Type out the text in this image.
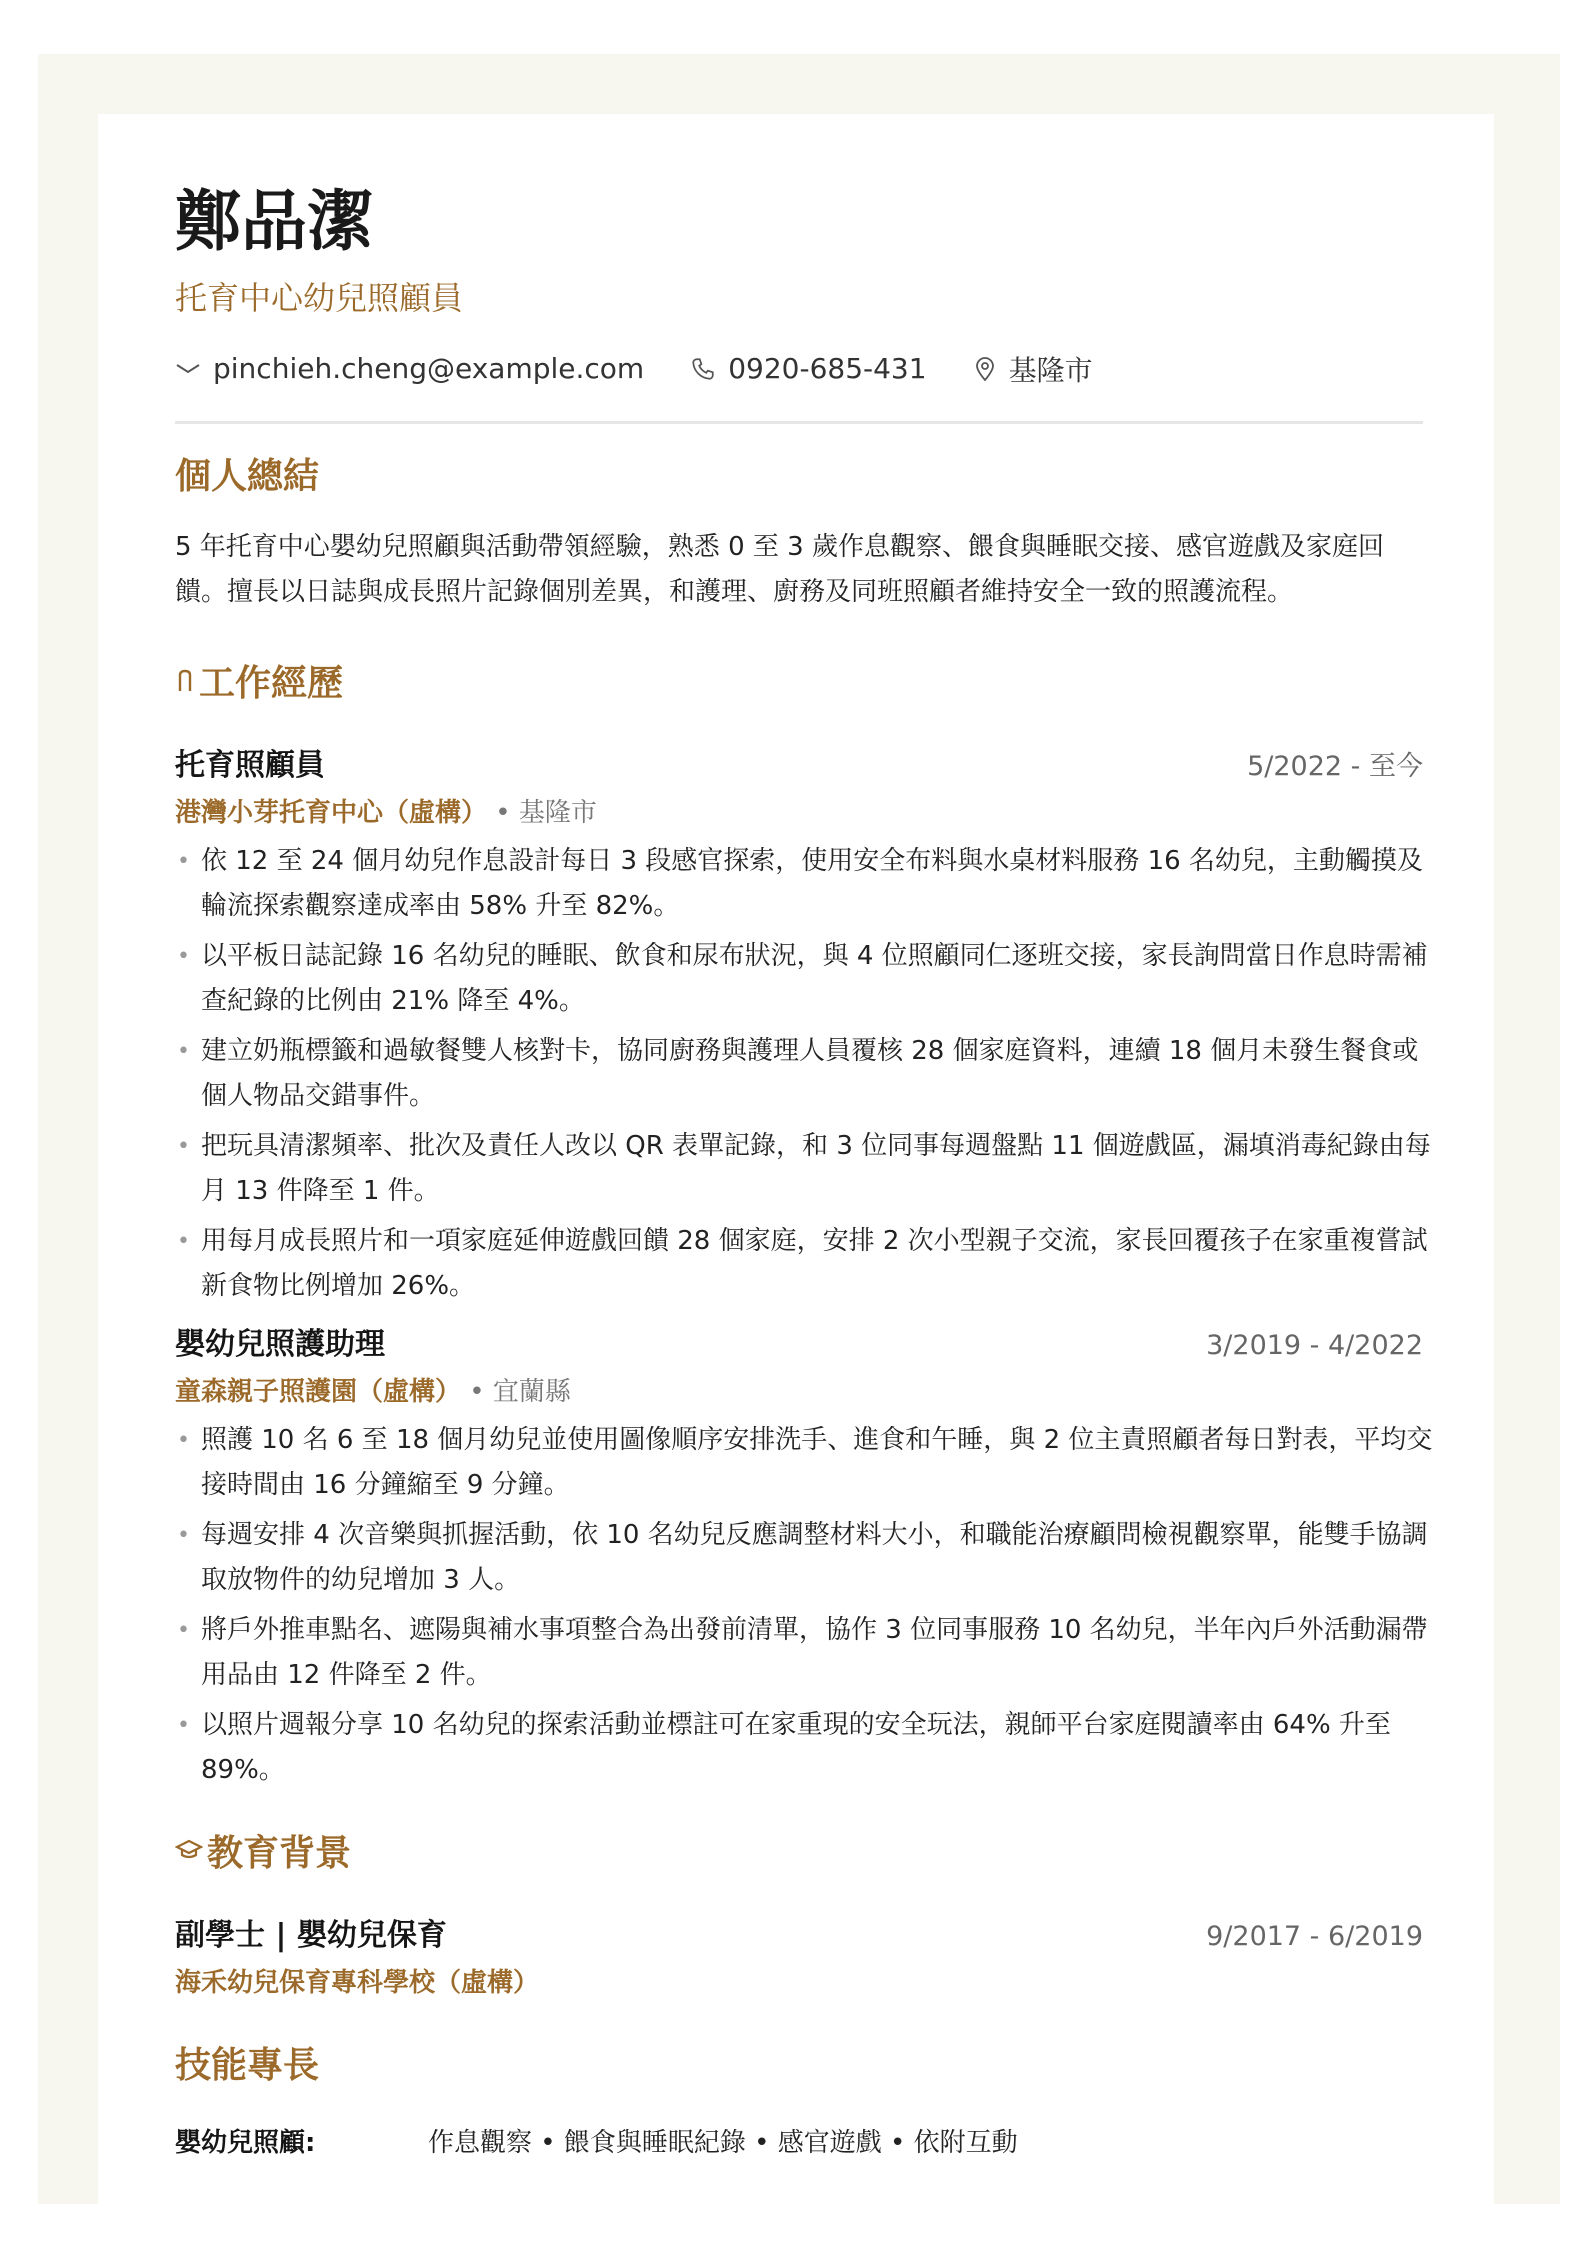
鄭品潔
托育中心幼兒照顧員
pinchieh.cheng@example.com	0920-685-431	基隆市
個人總結
5 年托育中心嬰幼兒照顧與活動帶領經驗，熟悉 0 至 3 歲作息觀察、餵食與睡眠交接、感官遊戲及家庭回饋。擅長以日誌與成長照片記錄個別差異，和護理、廚務及同班照顧者維持安全一致的照護流程。
工作經歷
托育照顧員	5/2022 - 至今
港灣小芽托育中心（虛構） • 基隆市
• 依 12 至 24 個月幼兒作息設計每日 3 段感官探索，使用安全布料與水桌材料服務 16 名幼兒，主動觸摸及輪流探索觀察達成率由 58% 升至 82%。
• 以平板日誌記錄 16 名幼兒的睡眠、飲食和尿布狀況，與 4 位照顧同仁逐班交接，家長詢問當日作息時需補查紀錄的比例由 21% 降至 4%。
• 建立奶瓶標籤和過敏餐雙人核對卡，協同廚務與護理人員覆核 28 個家庭資料，連續 18 個月未發生餐食或個人物品交錯事件。
• 把玩具清潔頻率、批次及責任人改以 QR 表單記錄，和 3 位同事每週盤點 11 個遊戲區，漏填消毒紀錄由每月 13 件降至 1 件。
• 用每月成長照片和一項家庭延伸遊戲回饋 28 個家庭，安排 2 次小型親子交流，家長回覆孩子在家重複嘗試新食物比例增加 26%。
嬰幼兒照護助理	3/2019 - 4/2022
童森親子照護園（虛構） • 宜蘭縣
• 照護 10 名 6 至 18 個月幼兒並使用圖像順序安排洗手、進食和午睡，與 2 位主責照顧者每日對表，平均交接時間由 16 分鐘縮至 9 分鐘。
• 每週安排 4 次音樂與抓握活動，依 10 名幼兒反應調整材料大小，和職能治療顧問檢視觀察單，能雙手協調取放物件的幼兒增加 3 人。
• 將戶外推車點名、遮陽與補水事項整合為出發前清單，協作 3 位同事服務 10 名幼兒，半年內戶外活動漏帶用品由 12 件降至 2 件。
• 以照片週報分享 10 名幼兒的探索活動並標註可在家重現的安全玩法，親師平台家庭閱讀率由 64% 升至 89%。
教育背景
副學士 | 嬰幼兒保育	9/2017 - 6/2019
海禾幼兒保育專科學校（虛構）
技能專長
嬰幼兒照顧:	作息觀察 • 餵食與睡眠紀錄 • 感官遊戲 • 依附互動
